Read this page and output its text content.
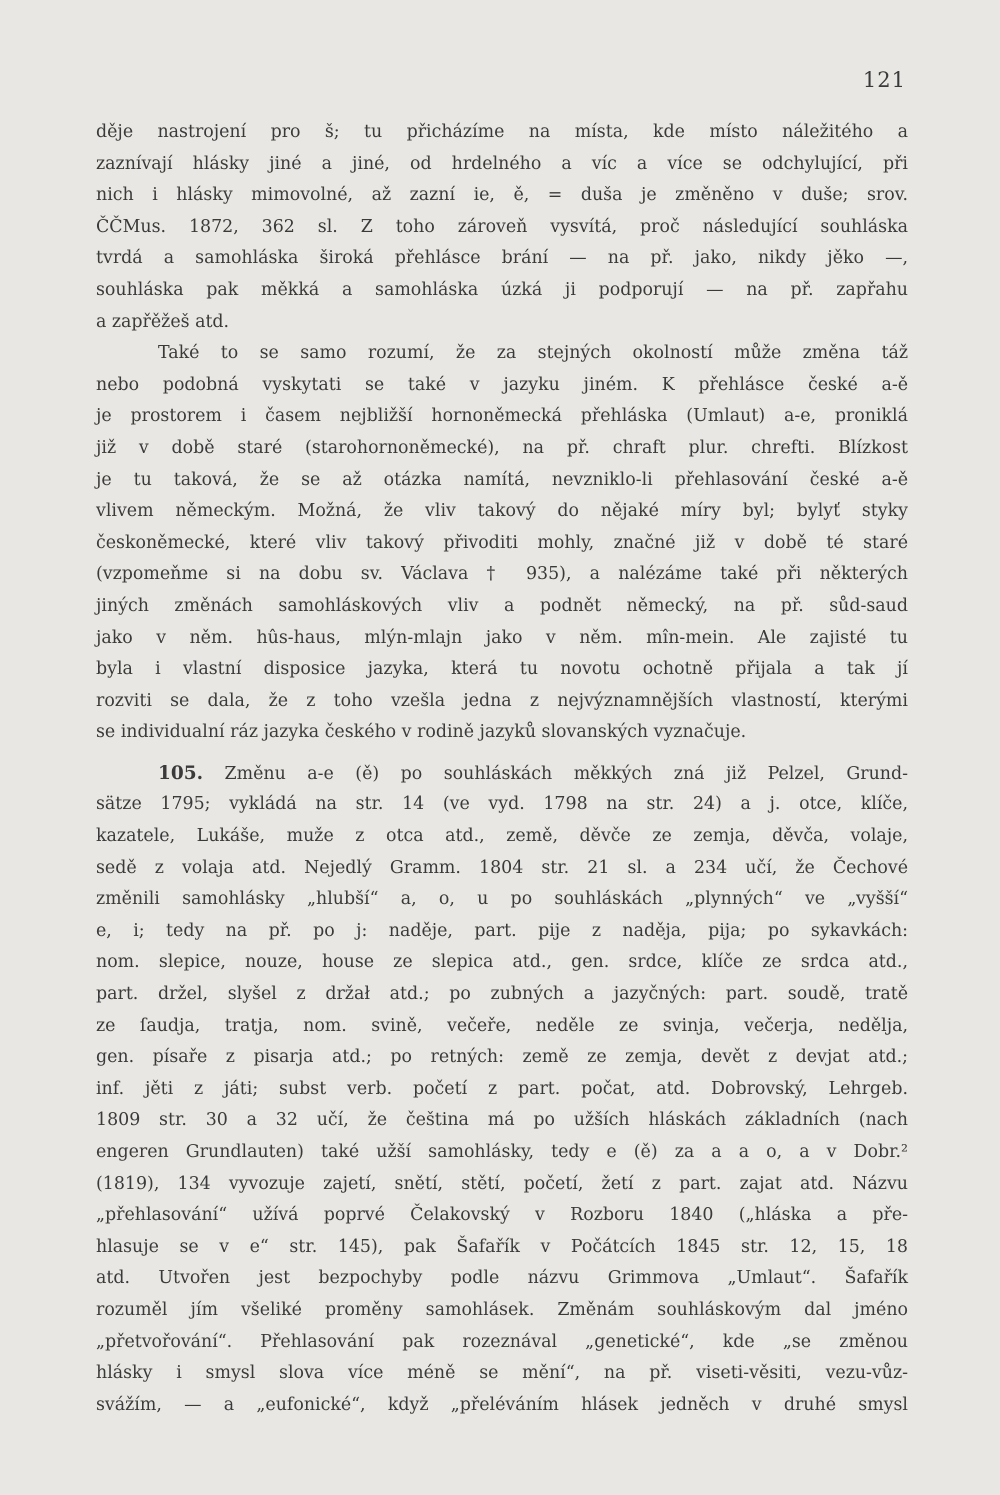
121
děje nastrojení pro š; tu přicházíme na místa, kde místo náležitého a
zaznívají hlásky jiné a jiné, od hrdelného a víc a více se odchylující, při
nich i hlásky mimovolné, až zazní ie, ě, = duša je změněno v duše; srov.
ČČMus. 1872, 362 sl. Z toho zároveň vysvítá, proč následující souhláska
tvrdá a samohláska široká přehlásce brání — na př. jako, nikdy jěko —,
souhláska pak měkká a samohláska úzká ji podporují — na př. zapřahu
a zapřěžeš atd.
Také to se samo rozumí, že za stejných okolností může změna táž
nebo podobná vyskytati se také v jazyku jiném. K přehlásce české a-ě
je prostorem i časem nejbližší hornoněmecká přehláska (Umlaut) a-e, proniklá
již v době staré (starohornoněmecké), na př. chraft plur. chrefti. Blízkost
je tu taková, že se až otázka namítá, nevzniklo-li přehlasování české a-ě
vlivem německým. Možná, že vliv takový do nějaké míry byl; bylyť styky
českoněmecké, které vliv takový přivoditi mohly, značné již v době té staré
(vzpomeňme si na dobu sv. Václava † 935), a nalézáme také při některých
jiných změnách samohláskových vliv a podnět německý, na př. sůd-saud
jako v něm. hûs-haus, mlýn-mlajn jako v něm. mîn-mein. Ale zajisté tu
byla i vlastní disposice jazyka, která tu novotu ochotně přijala a tak jí
rozviti se dala, že z toho vzešla jedna z nejvýznamnějších vlastností, kterými
se individualní ráz jazyka českého v rodině jazyků slovanských vyznačuje.
105. Změnu a-e (ě) po souhláskách měkkých zná již Pelzel, Grund-
sätze 1795; vykládá na str. 14 (ve vyd. 1798 na str. 24) a j. otce, klíče,
kazatele, Lukáše, muže z otca atd., země, děvče ze zemja, děvča, volaje,
sedě z volaja atd. Nejedlý Gramm. 1804 str. 21 sl. a 234 učí, že Čechové
změnili samohlásky „hlubší“ a, o, u po souhláskách „plynných“ ve „vyšší“
e, i; tedy na př. po j: naděje, part. pije z naděja, pija; po sykavkách:
nom. slepice, nouze, house ze slepica atd., gen. srdce, klíče ze srdca atd.,
part. držel, slyšel z držał atd.; po zubných a jazyčných: part. soudě, tratě
ze ſaudja, tratja, nom. svině, večeře, neděle ze svinja, večerja, nedělja,
gen. písaře z pisarja atd.; po retných: země ze zemja, devět z devjat atd.;
inf. jěti z játi; subst verb. početí z part. počat, atd. Dobrovský, Lehrgeb.
1809 str. 30 a 32 učí, že čeština má po užších hláskách základních (nach
engeren Grundlauten) také užší samohlásky, tedy e (ě) za a a o, a v Dobr.²
(1819), 134 vyvozuje zajetí, snětí, stětí, početí, žetí z part. zajat atd. Názvu
„přehlasování“ užívá poprvé Čelakovský v Rozboru 1840 („hláska a pře-
hlasuje se v e“ str. 145), pak Šafařík v Počátcích 1845 str. 12, 15, 18
atd. Utvořen jest bezpochyby podle názvu Grimmova „Umlaut“. Šafařík
rozuměl jím všeliké proměny samohlásek. Změnám souhláskovým dal jméno
„přetvořování“. Přehlasování pak rozeznával „genetické“, kde „se změnou
hlásky i smysl slova více méně se mění“, na př. viseti-věsiti, vezu-vůz-
svážím, — a „eufonické“, když „přeléváním hlásek jedněch v druhé smysl
